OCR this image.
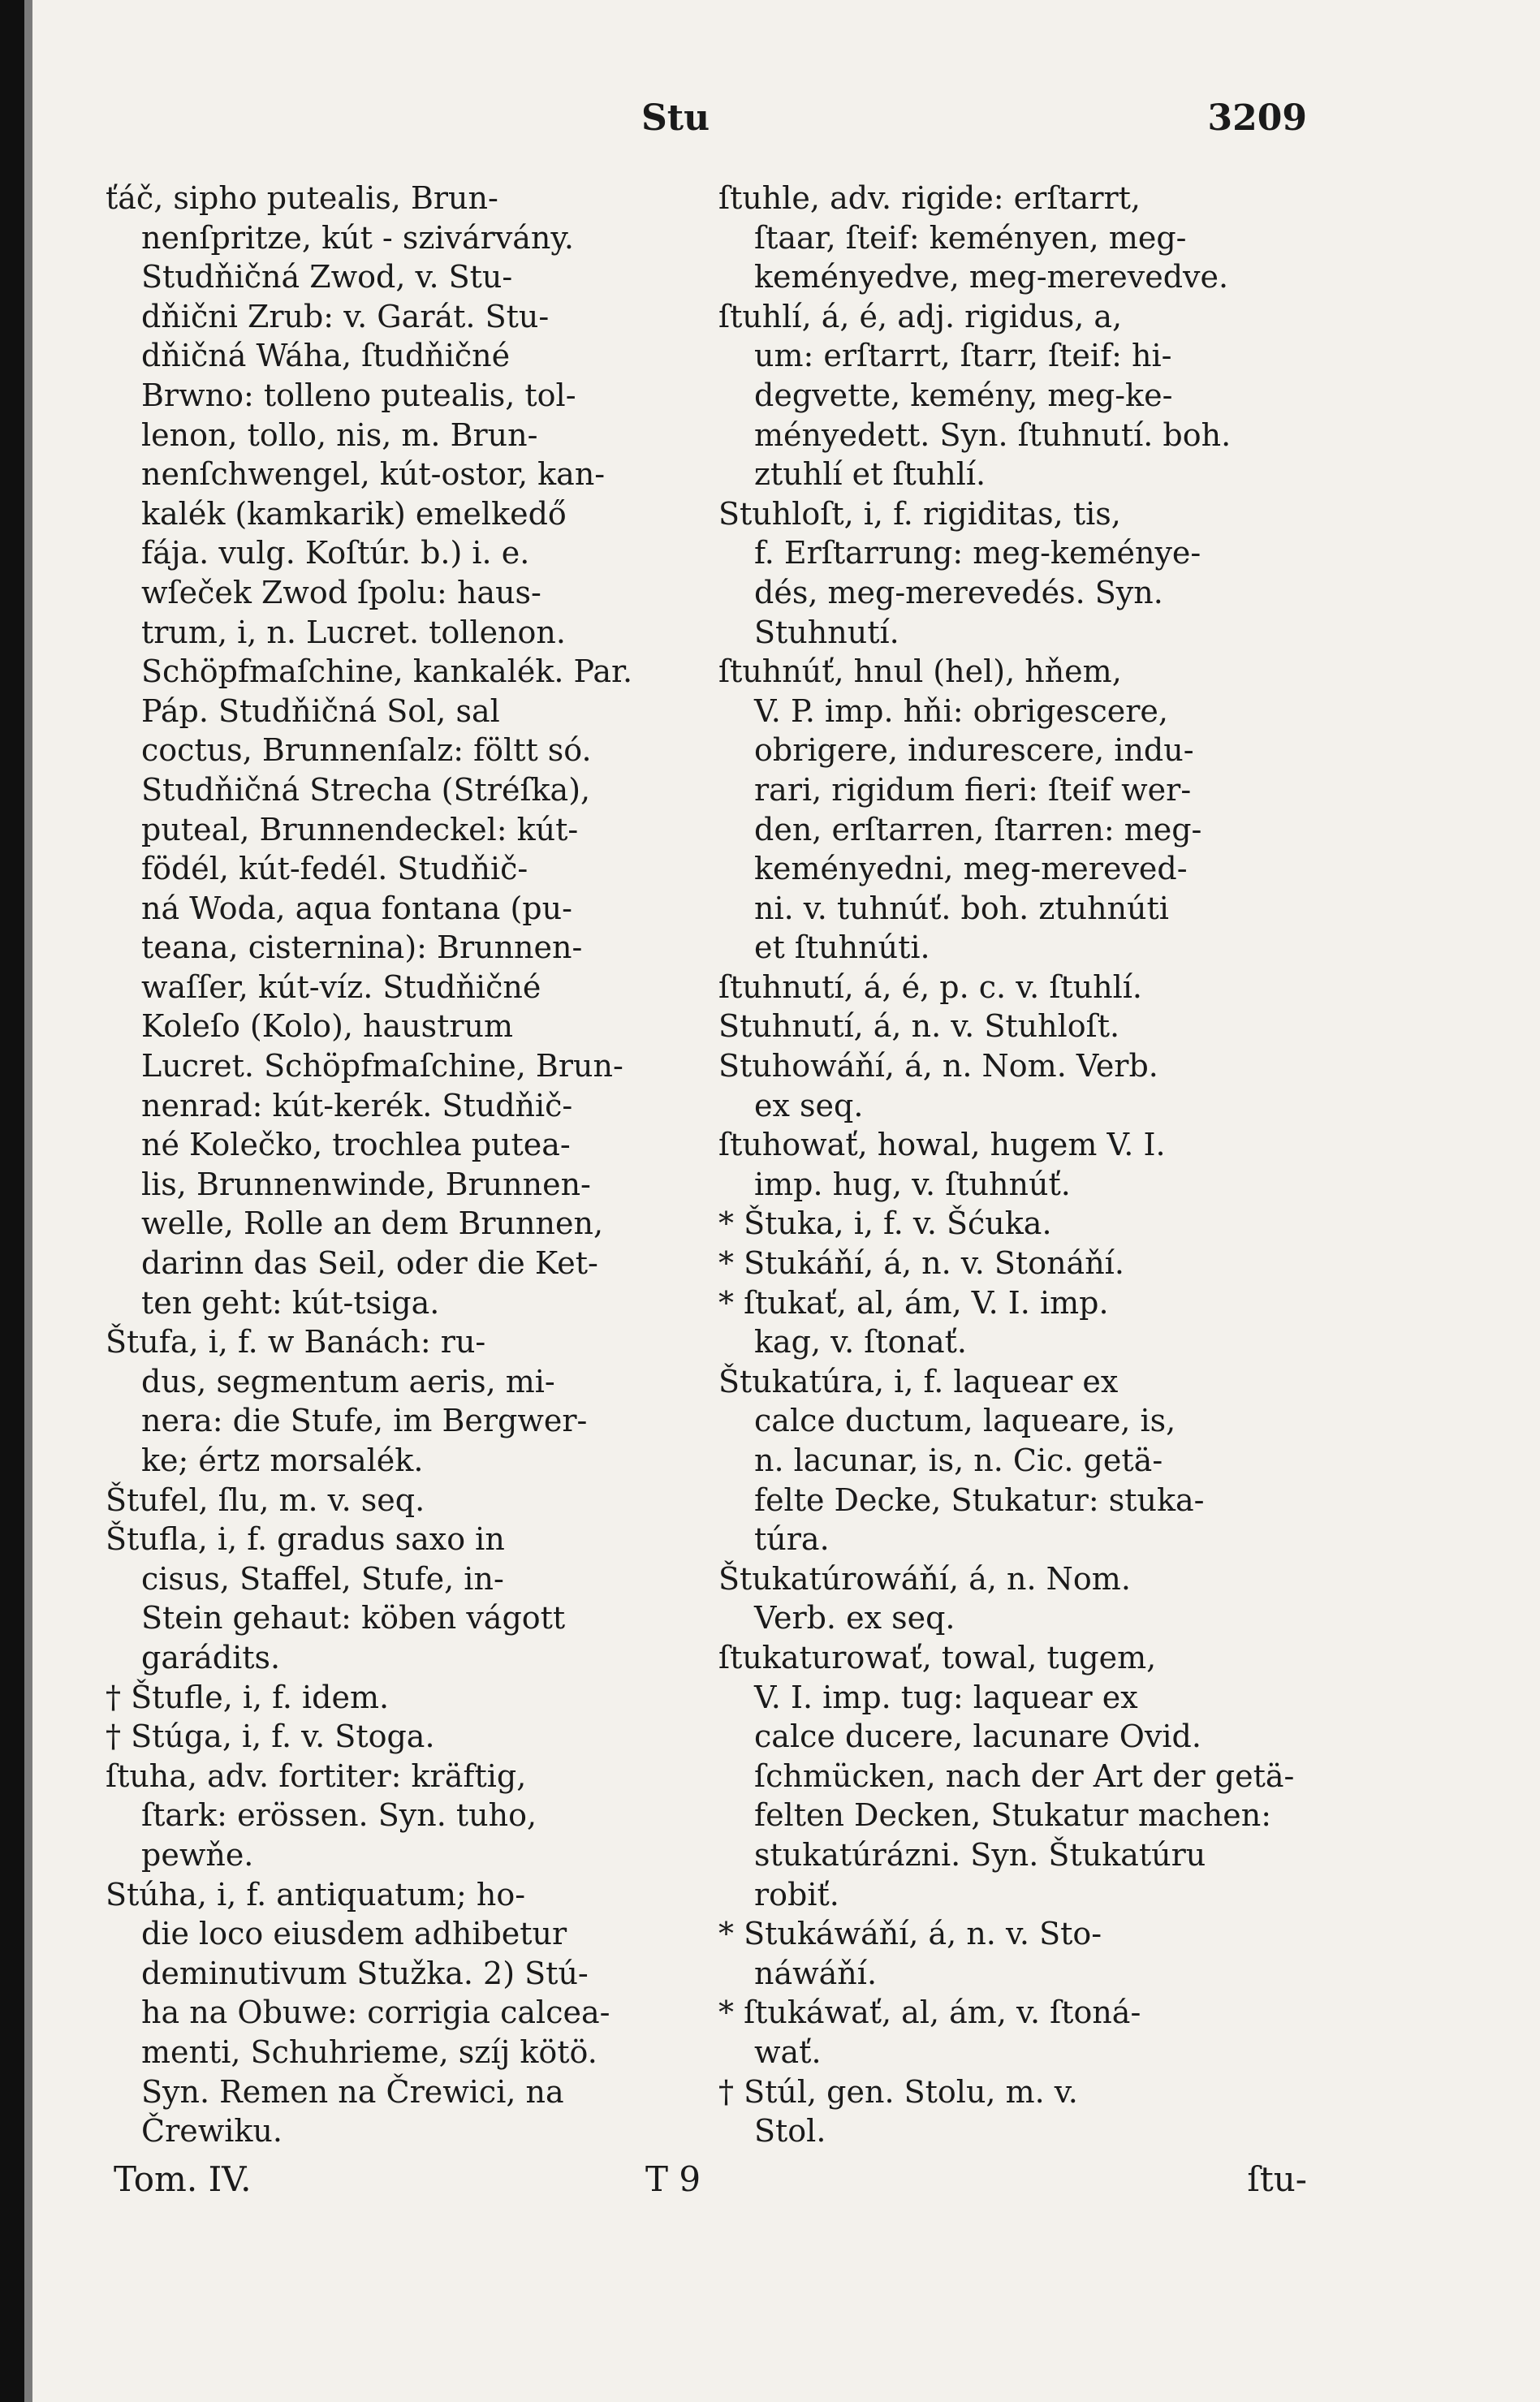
Stu	3209
ťáč, sipho putealis, Brun-
nenſpritze, kút - szivárvány.
Studňičná Zwod, v. Stu-
dňični Zrub: v. Garát. Stu-
dňičná Wáha, ſtudňičné
Brwno: tolleno putealis, tol-
lenon, tollo, nis, m. Brun-
nenſchwengel, kút-ostor, kan-
kalék (kamkarik) emelkedő
fája. vulg. Koſtúr. b.) i. e.
wſeček Zwod ſpolu: haus-
trum, i, n. Lucret. tollenon.
Schöpfmaſchine, kankalék. Par.
Páp. Studňičná Sol, sal
coctus, Brunnenſalz: föltt só.
Studňičná Strecha (Stréſka),
puteal, Brunnendeckel: kút-
födél, kút-fedél. Studňič-
ná Woda, aqua fontana (pu-
teana, cisternina): Brunnen-
waſſer, kút-víz. Studňičné
Koleſo (Kolo), haustrum
Lucret. Schöpfmaſchine, Brun-
nenrad: kút-kerék. Studňič-
né Kolečko, trochlea putea-
lis, Brunnenwinde, Brunnen-
welle, Rolle an dem Brunnen,
darinn das Seil, oder die Ket-
ten geht: kút-tsiga.
Štufa, i, f. w Banách: ru-
dus, segmentum aeris, mi-
nera: die Stufe, im Bergwer-
ke; értz morsalék.
Štufel, ſlu, m. v. seq.
Štufla, i, f. gradus saxo in
cisus, Staffel, Stufe, in-
Stein gehaut: köben vágott
garádits.
† Štufle, i, f. idem.
† Stúga, i, f. v. Stoga.
ſtuha, adv. fortiter: kräftig,
ſtark: erössen. Syn. tuho,
pewňe.
Stúha, i, f. antiquatum; ho-
die loco eiusdem adhibetur
deminutivum Stužka. 2) Stú-
ha na Obuwe: corrigia calcea-
menti, Schuhrieme, szíj kötö.
Syn. Remen na Črewici, na
Črewiku.
ſtuhle, adv. rigide: erſtarrt,
ſtaar, ſteif: keményen, meg-
keményedve, meg-merevedve.
ſtuhlí, á, é, adj. rigidus, a,
um: erſtarrt, ſtarr, ſteif: hi-
degvette, kemény, meg-ke-
ményedett. Syn. ſtuhnutí. boh.
ztuhlí et ſtuhlí.
Stuhloſt, i, f. rigiditas, tis,
f. Erſtarrung: meg-keménye-
dés, meg-merevedés. Syn.
Stuhnutí.
ſtuhnúť, hnul (hel), hňem,
V. P. imp. hňi: obrigescere,
obrigere, indurescere, indu-
rari, rigidum fieri: ſteif wer-
den, erſtarren, ſtarren: meg-
keményedni, meg-mereved-
ni. v. tuhnúť. boh. ztuhnúti
et ſtuhnúti.
ſtuhnutí, á, é, p. c. v. ſtuhlí.
Stuhnutí, á, n. v. Stuhloſt.
Stuhowáňí, á, n. Nom. Verb.
ex seq.
ſtuhowať, howal, hugem V. I.
imp. hug, v. ſtuhnúť.
* Štuka, i, f. v. Šćuka.
* Stukáňí, á, n. v. Stonáňí.
* ſtukať, al, ám, V. I. imp.
kag, v. ſtonať.
Štukatúra, i, f. laquear ex
calce ductum, laqueare, is,
n. lacunar, is, n. Cic. getä-
felte Decke, Stukatur: stuka-
túra.
Štukatúrowáňí, á, n. Nom.
Verb. ex seq.
ſtukaturowať, towal, tugem,
V. I. imp. tug: laquear ex
calce ducere, lacunare Ovid.
ſchmücken, nach der Art der getä-
felten Decken, Stukatur machen:
stukatúrázni. Syn. Štukatúru
robiť.
* Stukáwáňí, á, n. v. Sto-
náwáňí.
* ſtukáwať, al, ám, v. ſtoná-
wať.
† Stúl, gen. Stolu, m. v.
Stol.
Tom. IV.	T 9	ſtu-
